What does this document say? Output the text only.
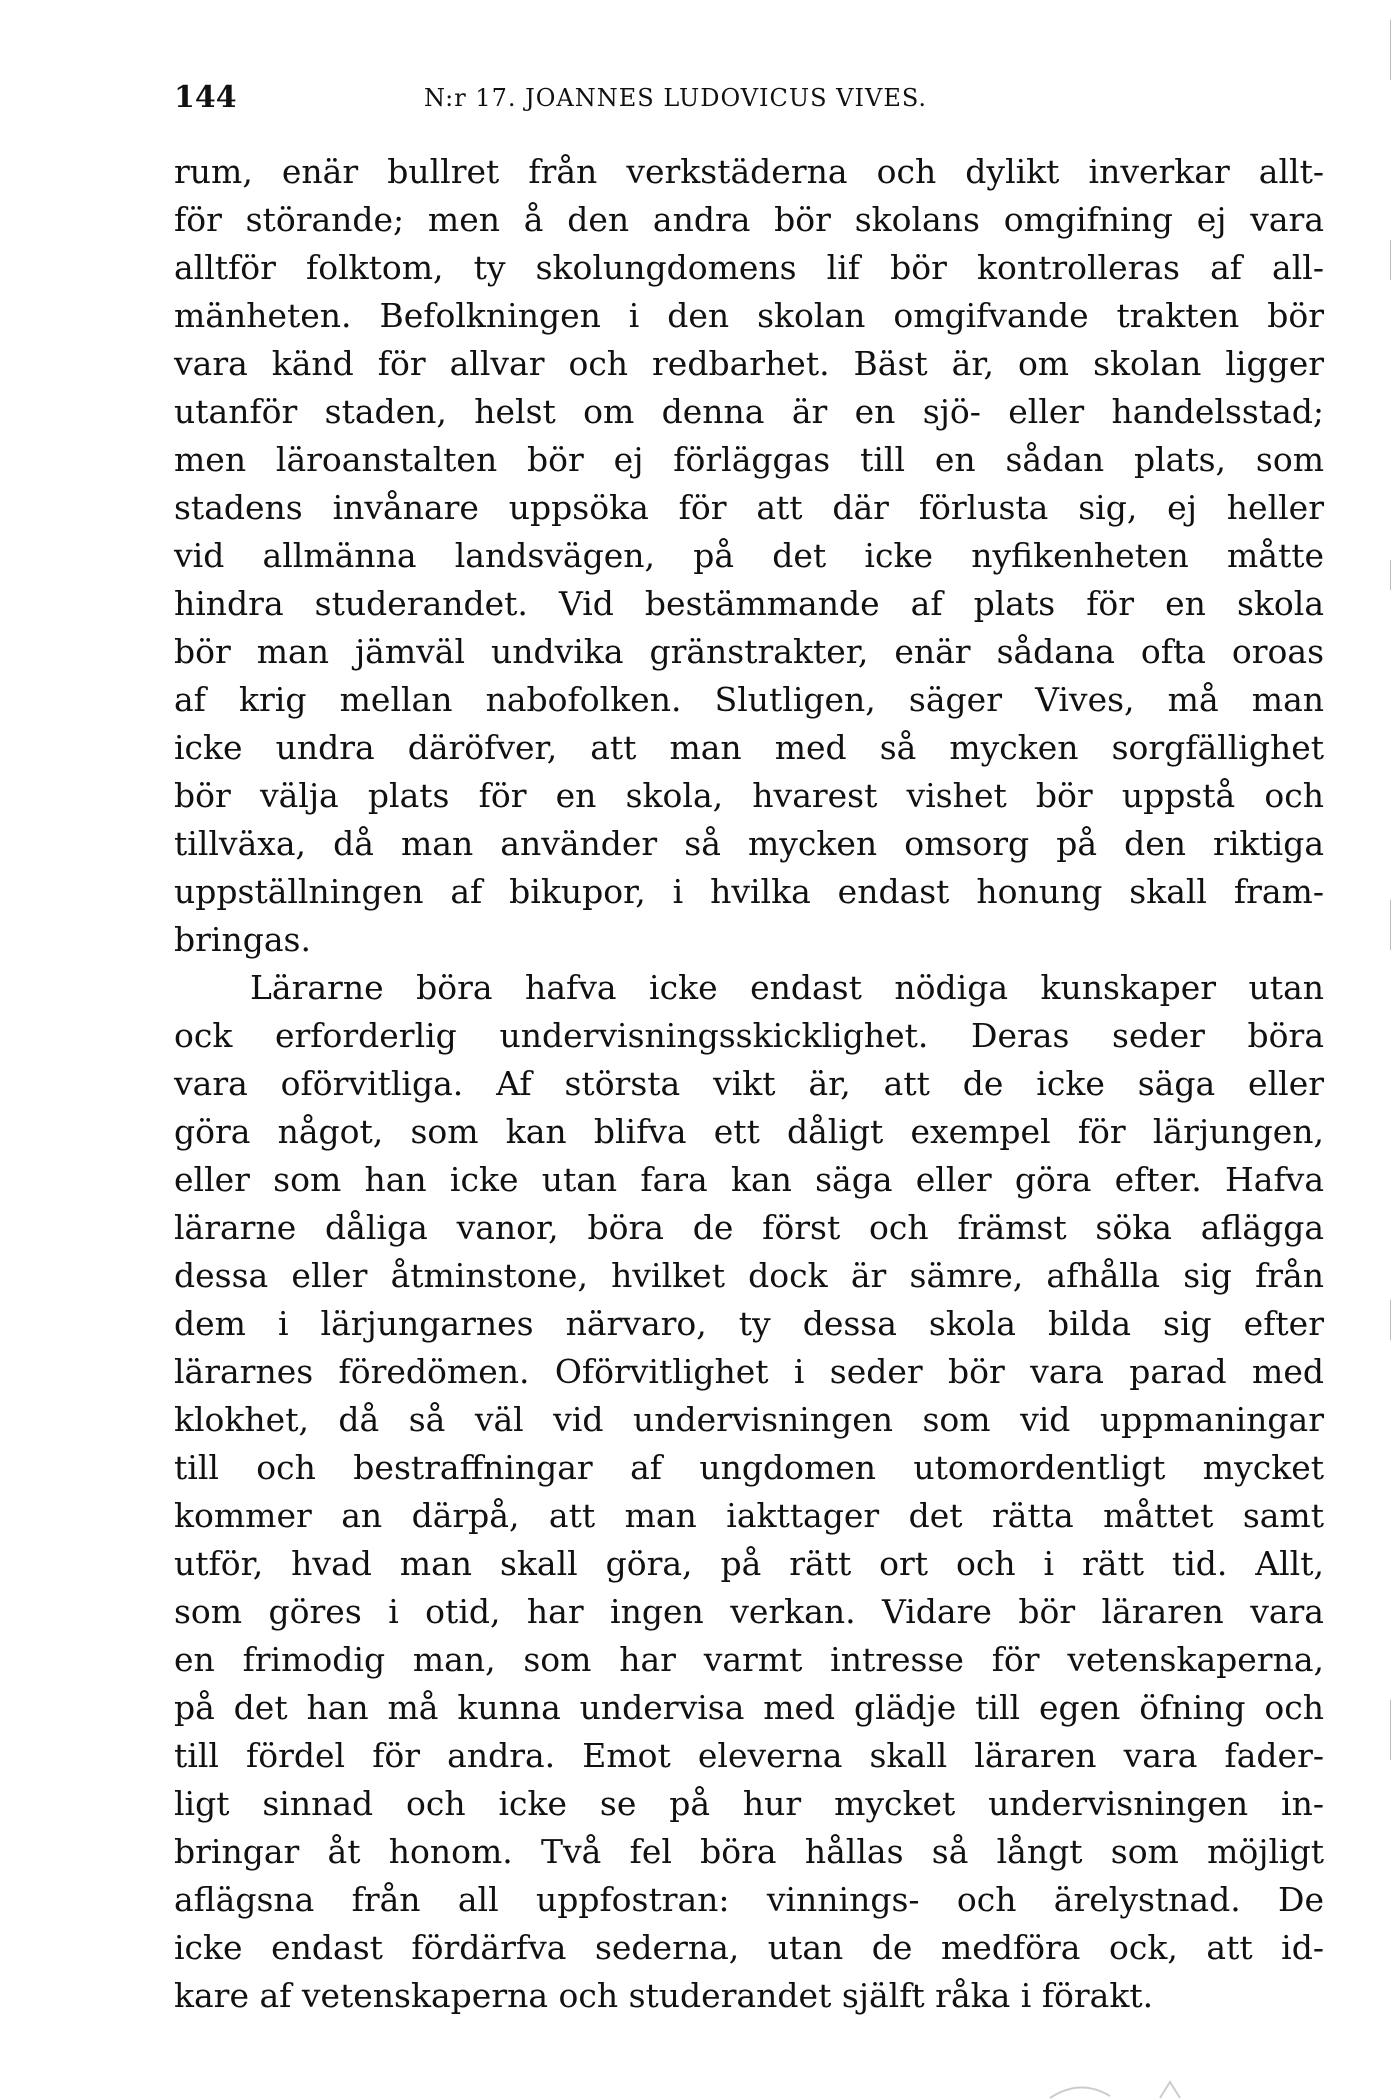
144	N:r 17. JOANNES LUDOVICUS VIVES.
rum, enär bullret från verkstäderna och dylikt inverkar allt-
för störande; men å den andra bör skolans omgifning ej vara
alltför folktom, ty skolungdomens lif bör kontrolleras af all-
mänheten. Befolkningen i den skolan omgifvande trakten bör
vara känd för allvar och redbarhet. Bäst är, om skolan ligger
utanför staden, helst om denna är en sjö- eller handelsstad;
men läroanstalten bör ej förläggas till en sådan plats, som
stadens invånare uppsöka för att där förlusta sig, ej heller
vid allmänna landsvägen, på det icke nyfikenheten måtte
hindra studerandet. Vid bestämmande af plats för en skola
bör man jämväl undvika gränstrakter, enär sådana ofta oroas
af krig mellan nabofolken. Slutligen, säger Vives, må man
icke undra däröfver, att man med så mycken sorgfällighet
bör välja plats för en skola, hvarest vishet bör uppstå och
tillväxa, då man använder så mycken omsorg på den riktiga
uppställningen af bikupor, i hvilka endast honung skall fram-
bringas.
Lärarne böra hafva icke endast nödiga kunskaper utan
ock erforderlig undervisningsskicklighet. Deras seder böra
vara oförvitliga. Af största vikt är, att de icke säga eller
göra något, som kan blifva ett dåligt exempel för lärjungen,
eller som han icke utan fara kan säga eller göra efter. Hafva
lärarne dåliga vanor, böra de först och främst söka aflägga
dessa eller åtminstone, hvilket dock är sämre, afhålla sig från
dem i lärjungarnes närvaro, ty dessa skola bilda sig efter
lärarnes föredömen. Oförvitlighet i seder bör vara parad med
klokhet, då så väl vid undervisningen som vid uppmaningar
till och bestraffningar af ungdomen utomordentligt mycket
kommer an därpå, att man iakttager det rätta måttet samt
utför, hvad man skall göra, på rätt ort och i rätt tid. Allt,
som göres i otid, har ingen verkan. Vidare bör läraren vara
en frimodig man, som har varmt intresse för vetenskaperna,
på det han må kunna undervisa med glädje till egen öfning och
till fördel för andra. Emot eleverna skall läraren vara fader-
ligt sinnad och icke se på hur mycket undervisningen in-
bringar åt honom. Två fel böra hållas så långt som möjligt
aflägsna från all uppfostran: vinnings- och ärelystnad. De
icke endast fördärfva sederna, utan de medföra ock, att id-
kare af vetenskaperna och studerandet själft råka i förakt.
